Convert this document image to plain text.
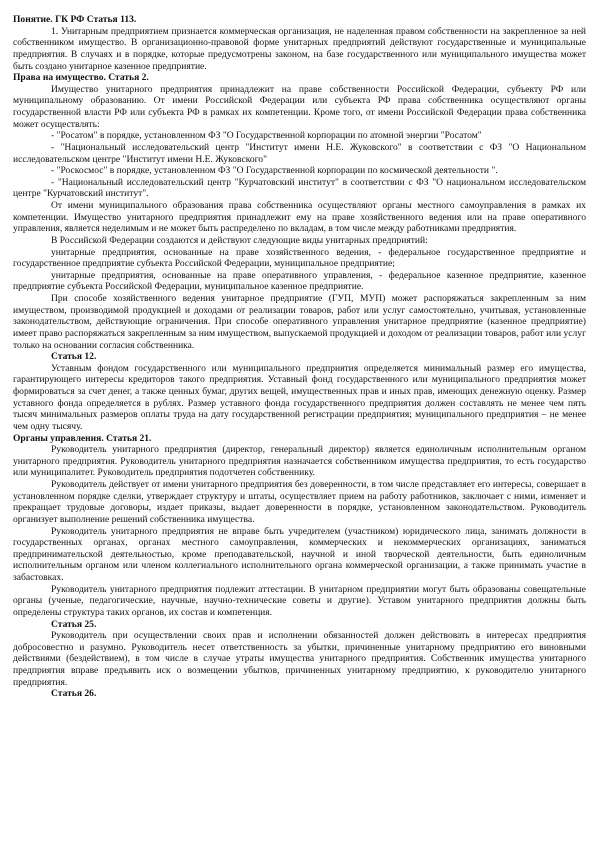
Понятие. ГК РФ Статья 113.

1. Унитарным предприятием признается коммерческая организация, не наделенная правом собственности на закрепленное за ней собственником имущество. В организационно-правовой форме унитарных предприятий действуют государственные и муниципальные предприятия. В случаях и в порядке, которые предусмотрены законом, на базе государственного или муниципального имущества может быть создано унитарное казенное предприятие.

Права на имущество. Статья 2.

Имущество унитарного предприятия принадлежит на праве собственности Российской Федерации, субъекту РФ или муниципальному образованию. От имени Российской Федерации или субъекта РФ права собственника осуществляют органы государственной власти РФ или субъекта РФ в рамках их компетенции. Кроме того, от имени Российской Федерации права собственника может осуществлять:

- "Росатом" в порядке, установленном ФЗ "О Государственной корпорации по атомной энергии "Росатом"

- "Национальный исследовательский центр "Институт имени Н.Е. Жуковского" в соответствии с ФЗ "О Национальном исследовательском центре "Институт имени Н.Е. Жуковского"

- "Роскосмос" в порядке, установленном ФЗ "О Государственной корпорации по космической деятельности ".

- "Национальный исследовательский центр "Курчатовский институт" в соответствии с ФЗ "О национальном исследовательском центре "Курчатовский институт".

От имени муниципального образования права собственника осуществляют органы местного самоуправления в рамках их компетенции. Имущество унитарного предприятия принадлежит ему на праве хозяйственного ведения или на праве оперативного управления, является неделимым и не может быть распределено по вкладам, в том числе между работниками предприятия.

В Российской Федерации создаются и действуют следующие виды унитарных предприятий:

унитарные предприятия, основанные на праве хозяйственного ведения, - федеральное государственное предприятие и государственное предприятие субъекта Российской Федерации, муниципальное предприятие;

унитарные предприятия, основанные на праве оперативного управления, - федеральное казенное предприятие, казенное предприятие субъекта Российской Федерации, муниципальное казенное предприятие.

При способе хозяйственного ведения унитарное предприятие (ГУП, МУП) может распоряжаться закрепленным за ним имуществом, производимой продукцией и доходами от реализации товаров, работ или услуг самостоятельно, учитывая, установленные законодательством, действующие ограничения. При способе оперативного управления унитарное предприятие (казенное предприятие) имеет право распоряжаться закрепленным за ним имуществом, выпускаемой продукцией и доходом от реализации товаров, работ или услуг только на основании согласия собственника.

Статья 12.

Уставным фондом государственного или муниципального предприятия определяется минимальный размер его имущества, гарантирующего интересы кредиторов такого предприятия. Уставный фонд государственного или муниципального предприятия может формироваться за счет денег, а также ценных бумаг, других вещей, имущественных прав и иных прав, имеющих денежную оценку. Размер уставного фонда определяется в рублях. Размер уставного фонда государственного предприятия должен составлять не менее чем пять тысяч минимальных размеров оплаты труда на дату государственной регистрации предприятия; муниципального предприятия – не менее чем одну тысячу.

Органы управления. Статья 21.

Руководитель унитарного предприятия (директор, генеральный директор) является единоличным исполнительным органом унитарного предприятия. Руководитель унитарного предприятия назначается собственником имущества предприятия, то есть государство или муниципалитет. Руководитель предприятия подотчетен собственнику.

Руководитель действует от имени унитарного предприятия без доверенности, в том числе представляет его интересы, совершает в установленном порядке сделки, утверждает структуру и штаты, осуществляет прием на работу работников, заключает с ними, изменяет и прекращает трудовые договоры, издает приказы, выдает доверенности в порядке, установленном законодательством. Руководитель организует выполнение решений собственника имущества.

Руководитель унитарного предприятия не вправе быть учредителем (участником) юридического лица, занимать должности в государственных органах, органах местного самоуправления, коммерческих и некоммерческих организациях, заниматься предпринимательской деятельностью, кроме преподавательской, научной и иной творческой деятельности, быть единоличным исполнительным органом или членом коллегиального исполнительного органа коммерческой организации, а также принимать участие в забастовках.

Руководитель унитарного предприятия подлежит аттестации. В унитарном предприятии могут быть образованы совещательные органы (ученые, педагогические, научные, научно-технические советы и другие). Уставом унитарного предприятия должны быть определены структура таких органов, их состав и компетенция.

Статья 25.

Руководитель при осуществлении своих прав и исполнении обязанностей должен действовать в интересах предприятия добросовестно и разумно. Руководитель несет ответственность за убытки, причиненные унитарному предприятию его виновными действиями (бездействием), в том числе в случае утраты имущества унитарного предприятия. Собственник имущества унитарного предприятия вправе предъявить иск о возмещении убытков, причиненных унитарному предприятию, к руководителю унитарного предприятия.

Статья 26.
